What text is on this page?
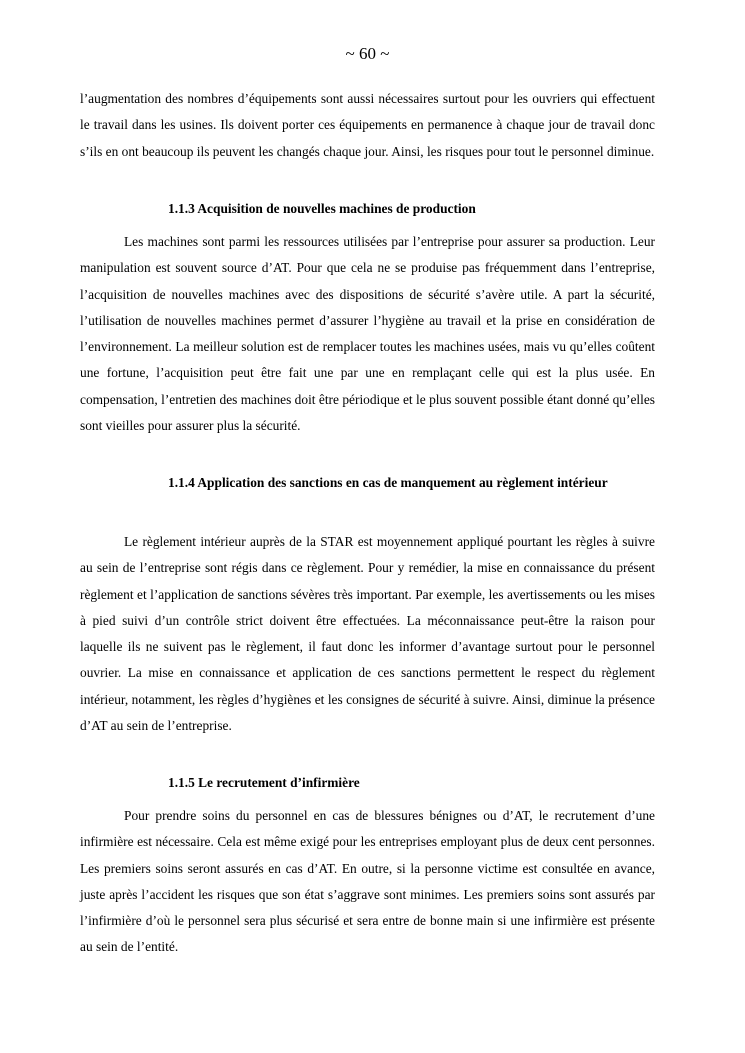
~ 60 ~

l’augmentation des nombres d’équipements sont aussi nécessaires surtout pour les ouvriers qui effectuent le travail dans les usines. Ils doivent porter ces équipements en permanence à chaque jour de travail donc s’ils en ont beaucoup ils peuvent les changés chaque jour. Ainsi, les risques pour tout le personnel diminue.

1.1.3 Acquisition de nouvelles machines de production

Les machines sont parmi les ressources utilisées par l’entreprise pour assurer sa production. Leur manipulation est souvent source d’AT. Pour que cela ne se produise pas fréquemment dans l’entreprise, l’acquisition de nouvelles machines avec des dispositions de sécurité s’avère utile. A part la sécurité, l’utilisation de nouvelles machines permet d’assurer l’hygiène au travail et la prise en considération de l’environnement. La meilleur solution est de remplacer toutes les machines usées, mais vu qu’elles coûtent une fortune, l’acquisition peut être fait une par une en remplaçant celle qui est la plus usée. En compensation, l’entretien des machines doit être périodique et le plus souvent possible étant donné qu’elles sont vieilles pour assurer plus la sécurité.

1.1.4 Application des sanctions en cas de manquement au règlement intérieur

Le règlement intérieur auprès de la STAR est moyennement appliqué pourtant les règles à suivre au sein de l’entreprise sont régis dans ce règlement. Pour y remédier, la mise en connaissance du présent règlement et l’application de sanctions sévères très important. Par exemple, les avertissements ou les mises à pied suivi d’un contrôle strict doivent être effectuées. La méconnaissance peut-être la raison pour laquelle ils ne suivent pas le règlement, il faut donc les informer d’avantage surtout pour le personnel ouvrier. La mise en connaissance et application de ces sanctions permettent le respect du règlement intérieur, notamment, les règles d’hygiènes et les consignes de sécurité à suivre. Ainsi, diminue la présence d’AT au sein de l’entreprise.

1.1.5 Le recrutement d’infirmière

Pour prendre soins du personnel en cas de blessures bénignes ou d’AT, le recrutement d’une infirmière est nécessaire. Cela est même exigé pour les entreprises employant plus de deux cent personnes. Les premiers soins seront assurés en cas d’AT. En outre, si la personne victime est consultée en avance, juste après l’accident les risques que son état s’aggrave sont minimes. Les premiers soins sont assurés par l’infirmière d’où le personnel sera plus sécurisé et sera entre de bonne main si une infirmière est présente au sein de l’entité.
